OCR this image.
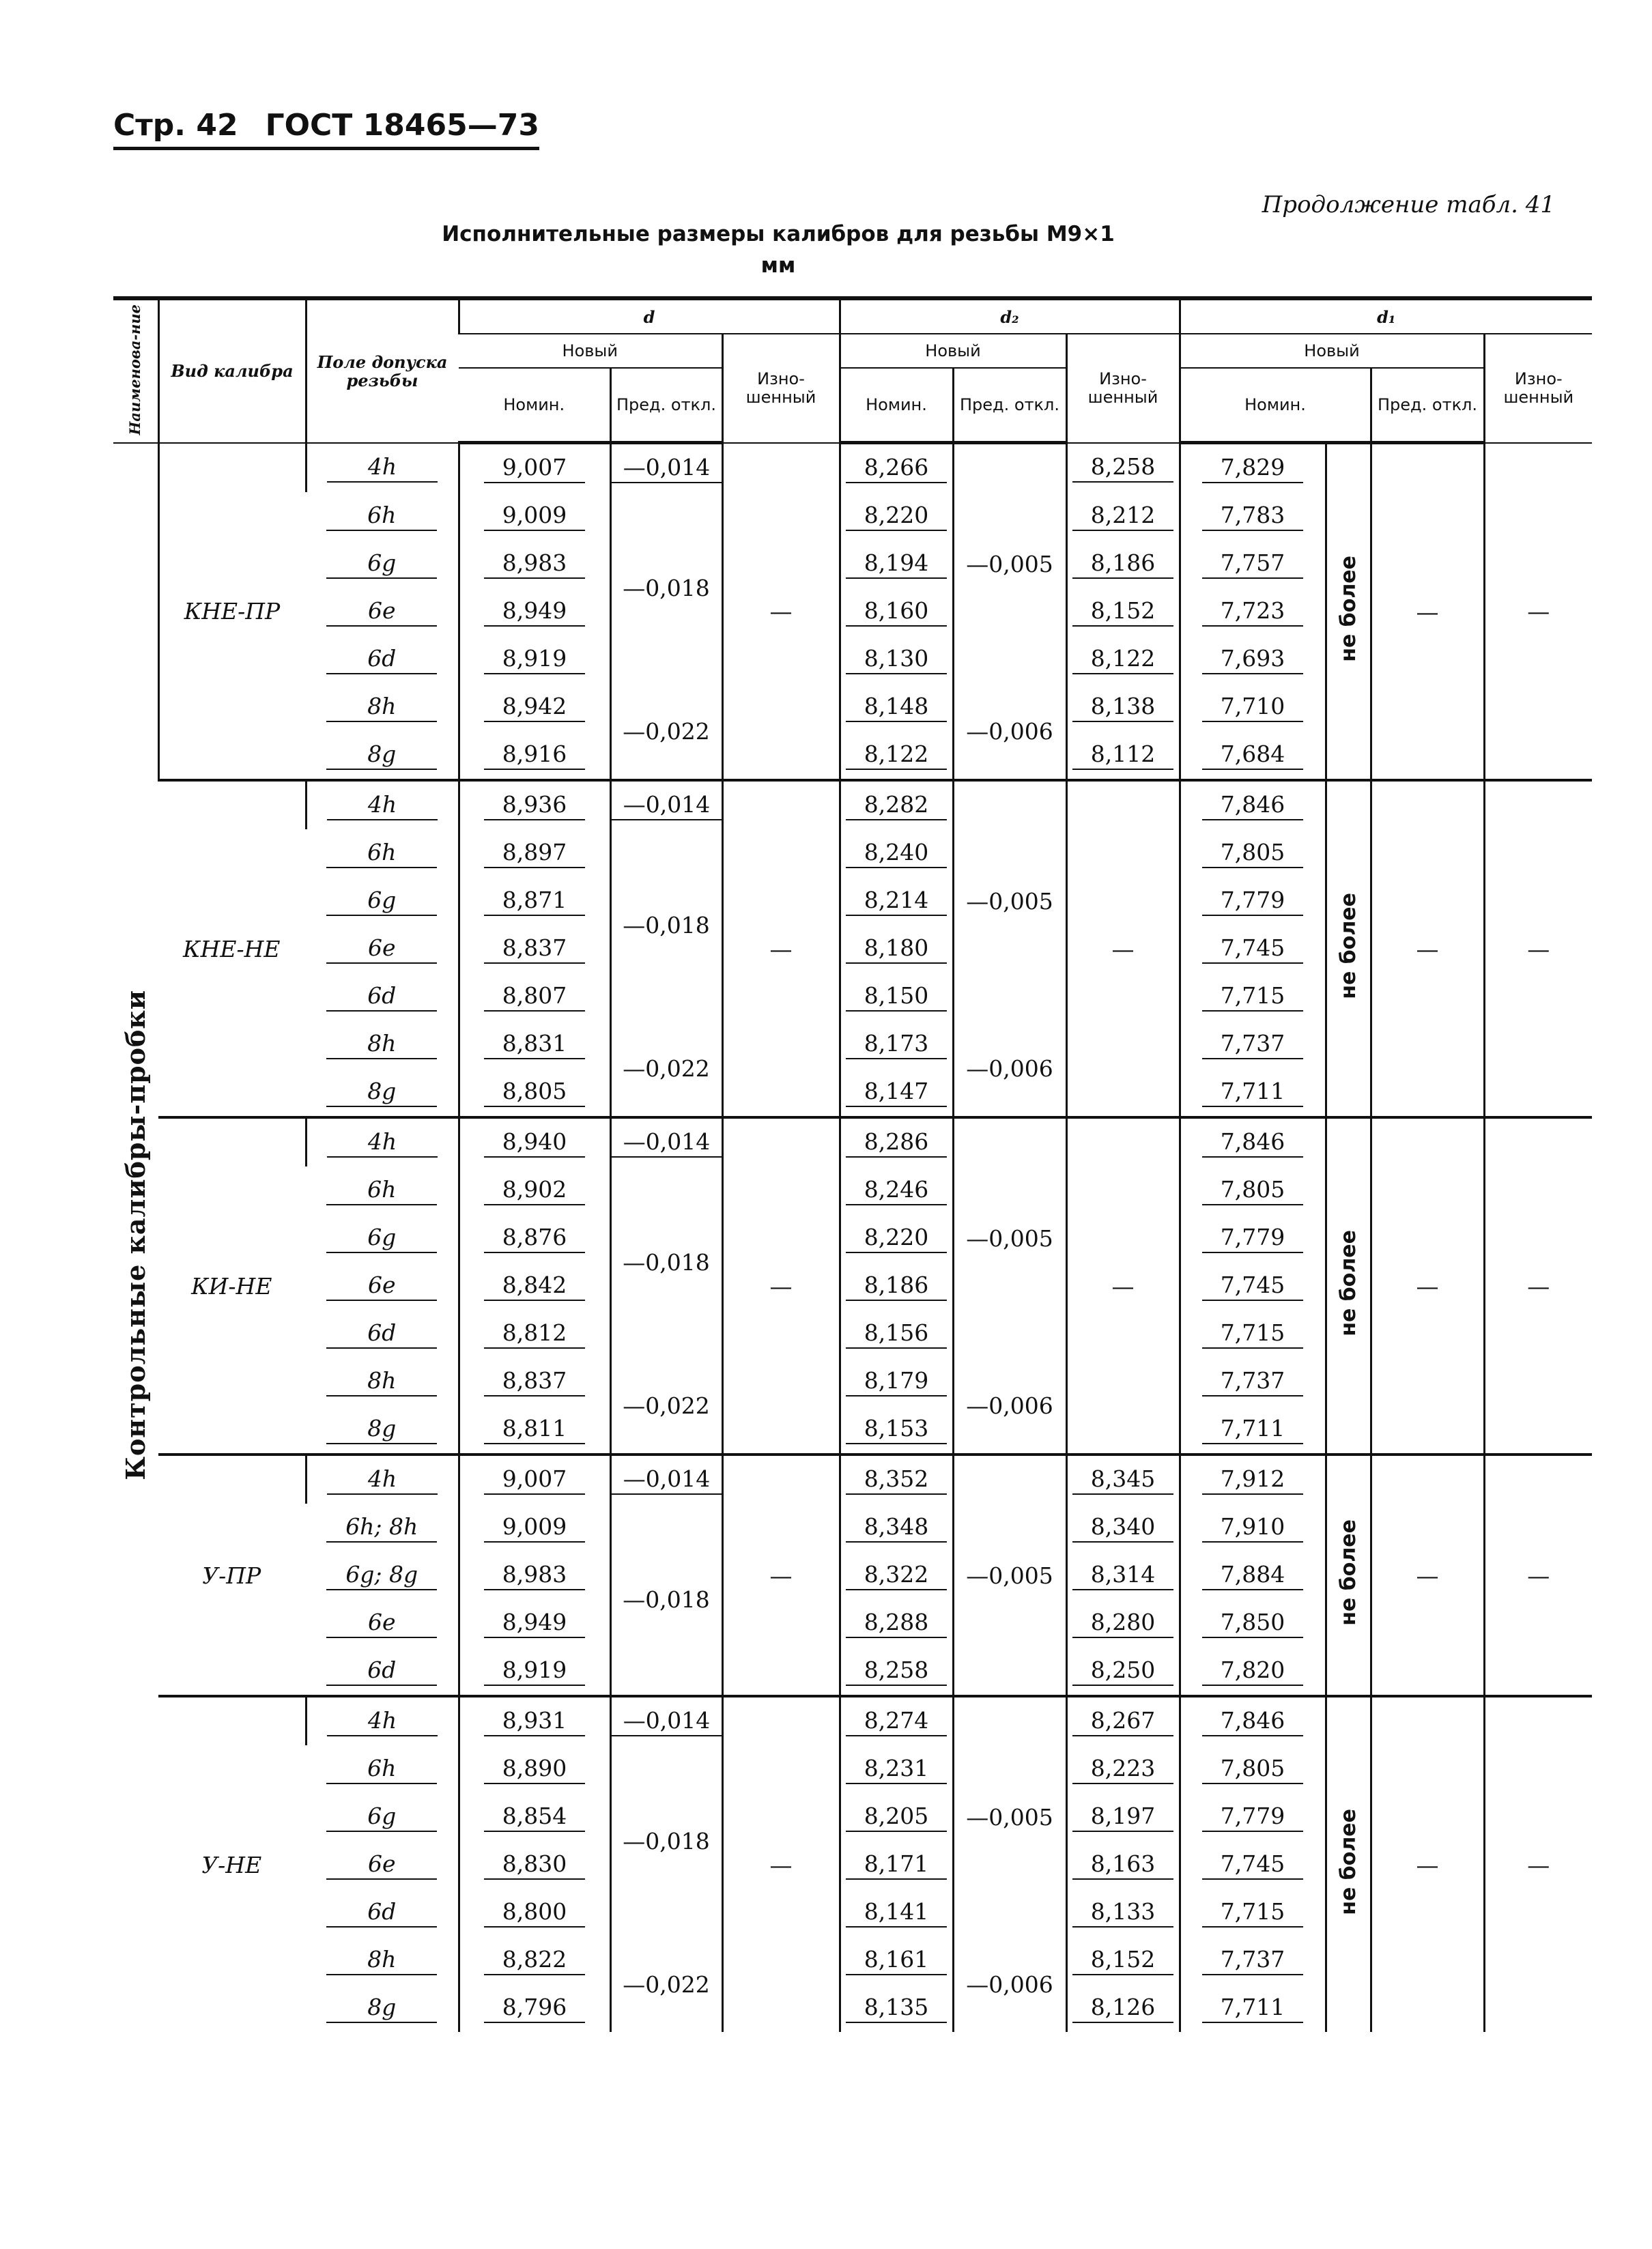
Стр. 42 ГОСТ 18465—73
Продолжение табл. 41
Исполнительные размеры калибров для резьбы M9×1
мм
Наименова-ние	Вид калибра	Поле допуска резьбы	d			d₂			d₁			
			Новый		Изно-шенный	Новый		Изно-шенный	Новый			Изно-шенный
			Номин.	Пред. откл.		Номин.	Пред. откл.		Номин.		Пред. откл.	
Контрольные калибры-пробки	КНЕ-ПР	4h	9,007	—0,014	—	8,266	—0,005	8,258	7,829	не более	—	—
		6h	9,009	—0,018		8,220		8,212	7,783			
		6g	8,983			8,194		8,186	7,757			
		6e	8,949			8,160		8,152	7,723			
		6d	8,919			8,130		8,122	7,693			
		8h	8,942	—0,022		8,148	—0,006	8,138	7,710			
		8g	8,916			8,122		8,112	7,684			
	КНЕ-НЕ	4h	8,936	—0,014	—	8,282	—0,005	—	7,846	не более	—	—
		6h	8,897	—0,018		8,240			7,805			
		6g	8,871			8,214			7,779			
		6e	8,837			8,180			7,745			
		6d	8,807			8,150			7,715			
		8h	8,831	—0,022		8,173	—0,006		7,737			
		8g	8,805			8,147			7,711			
	КИ-НЕ	4h	8,940	—0,014	—	8,286	—0,005	—	7,846	не более	—	—
		6h	8,902	—0,018		8,246			7,805			
		6g	8,876			8,220			7,779			
		6e	8,842			8,186			7,745			
		6d	8,812			8,156			7,715			
		8h	8,837	—0,022		8,179	—0,006		7,737			
		8g	8,811			8,153			7,711			
	У-ПР	4h	9,007	—0,014	—	8,352	—0,005	8,345	7,912	не более	—	—
		6h; 8h	9,009	—0,018		8,348		8,340	7,910			
		6g; 8g	8,983			8,322		8,314	7,884			
		6e	8,949			8,288		8,280	7,850			
		6d	8,919			8,258		8,250	7,820			
	У-НЕ	4h	8,931	—0,014	—	8,274	—0,005	8,267	7,846	не более	—	—
		6h	8,890	—0,018		8,231		8,223	7,805			
		6g	8,854			8,205		8,197	7,779			
		6e	8,830			8,171		8,163	7,745			
		6d	8,800			8,141		8,133	7,715			
		8h	8,822	—0,022		8,161	—0,006	8,152	7,737			
		8g	8,796			8,135		8,126	7,711			
